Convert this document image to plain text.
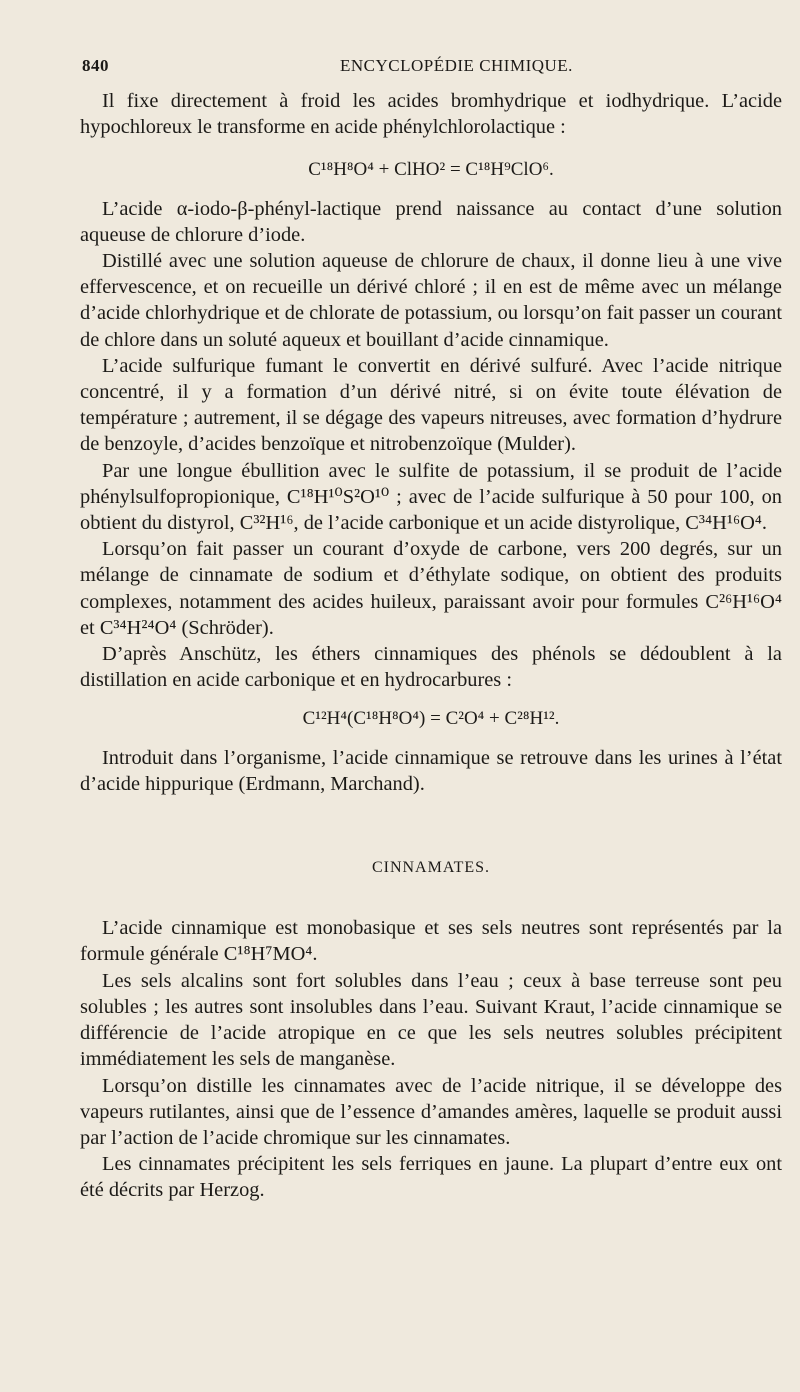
840	ENCYCLOPÉDIE CHIMIQUE.

Il fixe directement à froid les acides bromhydrique et iodhydrique. L’acide hypochloreux le transforme en acide phénylchlorolactique :

C¹⁸H⁸O⁴ + ClHO² = C¹⁸H⁹ClO⁶.

L’acide α-iodo-β-phényl-lactique prend naissance au contact d’une solution aqueuse de chlorure d’iode.

Distillé avec une solution aqueuse de chlorure de chaux, il donne lieu à une vive effervescence, et on recueille un dérivé chloré ; il en est de même avec un mélange d’acide chlorhydrique et de chlorate de potassium, ou lorsqu’on fait passer un courant de chlore dans un soluté aqueux et bouillant d’acide cinnamique.

L’acide sulfurique fumant le convertit en dérivé sulfuré. Avec l’acide nitrique concentré, il y a formation d’un dérivé nitré, si on évite toute élévation de température ; autrement, il se dégage des vapeurs nitreuses, avec formation d’hydrure de benzoyle, d’acides benzoïque et nitrobenzoïque (Mulder).

Par une longue ébullition avec le sulfite de potassium, il se produit de l’acide phénylsulfopropionique, C¹⁸H¹⁰S²O¹⁰ ; avec de l’acide sulfurique à 50 pour 100, on obtient du distyrol, C³²H¹⁶, de l’acide carbonique et un acide distyrolique, C³⁴H¹⁶O⁴.

Lorsqu’on fait passer un courant d’oxyde de carbone, vers 200 degrés, sur un mélange de cinnamate de sodium et d’éthylate sodique, on obtient des produits complexes, notamment des acides huileux, paraissant avoir pour formules C²⁶H¹⁶O⁴ et C³⁴H²⁴O⁴ (Schröder).

D’après Anschütz, les éthers cinnamiques des phénols se dédoublent à la distillation en acide carbonique et en hydrocarbures :

C¹²H⁴(C¹⁸H⁸O⁴) = C²O⁴ + C²⁸H¹².

Introduit dans l’organisme, l’acide cinnamique se retrouve dans les urines à l’état d’acide hippurique (Erdmann, Marchand).

CINNAMATES.

L’acide cinnamique est monobasique et ses sels neutres sont représentés par la formule générale C¹⁸H⁷MO⁴.

Les sels alcalins sont fort solubles dans l’eau ; ceux à base terreuse sont peu solubles ; les autres sont insolubles dans l’eau. Suivant Kraut, l’acide cinnamique se différencie de l’acide atropique en ce que les sels neutres solubles précipitent immédiatement les sels de manganèse.

Lorsqu’on distille les cinnamates avec de l’acide nitrique, il se développe des vapeurs rutilantes, ainsi que de l’essence d’amandes amères, laquelle se produit aussi par l’action de l’acide chromique sur les cinnamates.

Les cinnamates précipitent les sels ferriques en jaune. La plupart d’entre eux ont été décrits par Herzog.
